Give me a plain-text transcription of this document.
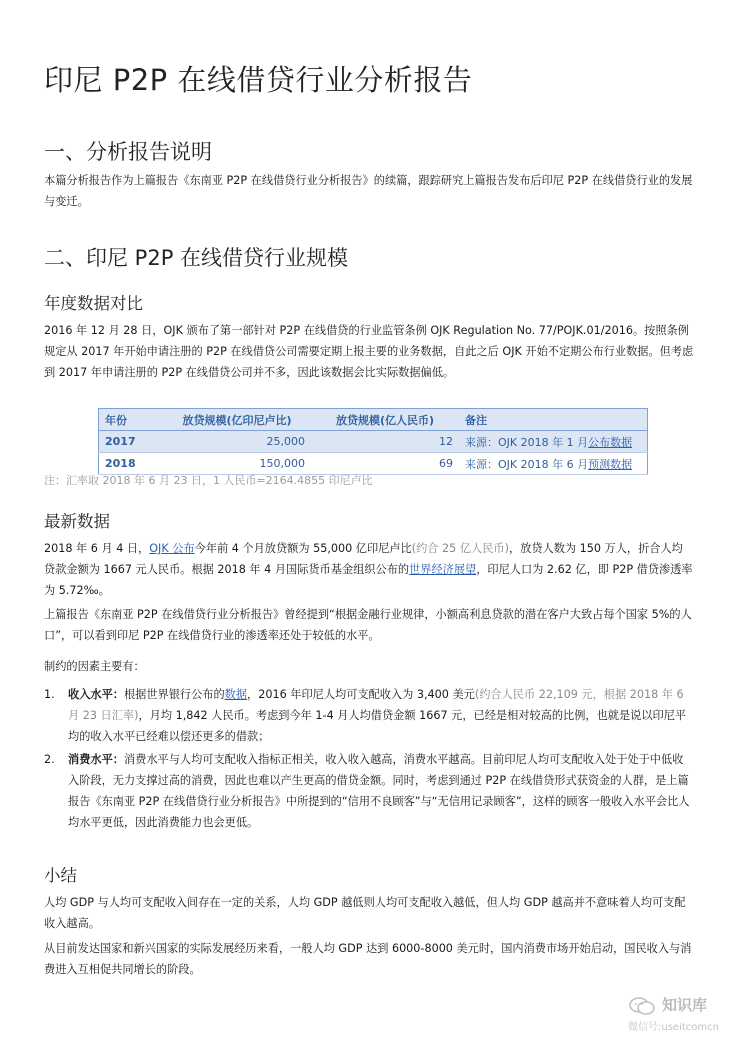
印尼 P2P 在线借贷行业分析报告
一、分析报告说明

本篇分析报告作为上篇报告《东南亚 P2P 在线借贷行业分析报告》的续篇，跟踪研究上篇报告发布后印尼 P2P 在线借贷行业的发展与变迁。

二、印尼 P2P 在线借贷行业规模
年度数据对比

2016 年 12 月 28 日，OJK 颁布了第一部针对 P2P 在线借贷的行业监管条例 OJK Regulation No. 77/POJK.01/2016。按照条例规定从 2017 年开始申请注册的 P2P 在线借贷公司需要定期上报主要的业务数据，自此之后 OJK 开始不定期公布行业数据。但考虑到 2017 年申请注册的 P2P 在线借贷公司并不多，因此该数据会比实际数据偏低。

年份	放贷规模(亿印尼卢比)	放贷规模(亿人民币)	备注
2017	25,000	12	来源：OJK 2018 年 1 月公布数据
2018	150,000	69	来源：OJK 2018 年 6 月预测数据
注：汇率取 2018 年 6 月 23 日，1 人民币=2164.4855 印尼卢比
最新数据

2018 年 6 月 4 日，OJK 公布今年前 4 个月放贷额为 55,000 亿印尼卢比(约合 25 亿人民币)，放贷人数为 150 万人，折合人均贷款金额为 1667 元人民币。根据 2018 年 4 月国际货币基金组织公布的世界经济展望，印尼人口为 2.62 亿，即 P2P 借贷渗透率为 5.72‰。

上篇报告《东南亚 P2P 在线借贷行业分析报告》曾经提到“根据金融行业规律，小额高利息贷款的潜在客户大致占每个国家 5%的人口”，可以看到印尼 P2P 在线借贷行业的渗透率还处于较低的水平。

制约的因素主要有：
1. 收入水平：根据世界银行公布的数据，2016 年印尼人均可支配收入为 3,400 美元(约合人民币 22,109 元，根据 2018 年 6 月 23 日汇率)，月均 1,842 人民币。考虑到今年 1-4 月人均借贷金额 1667 元，已经是相对较高的比例，也就是说以印尼平均的收入水平已经难以偿还更多的借款；
2. 消费水平：消费水平与人均可支配收入指标正相关，收入收入越高，消费水平越高。目前印尼人均可支配收入处于处于中低收入阶段，无力支撑过高的消费，因此也难以产生更高的借贷金额。同时，考虑到通过 P2P 在线借贷形式获资金的人群，是上篇报告《东南亚 P2P 在线借贷行业分析报告》中所提到的“信用不良顾客”与“无信用记录顾客”，这样的顾客一般收入水平会比人均水平更低，因此消费能力也会更低。
小结

人均 GDP 与人均可支配收入间存在一定的关系，人均 GDP 越低则人均可支配收入越低，但人均 GDP 越高并不意味着人均可支配收入越高。

从目前发达国家和新兴国家的实际发展经历来看，一般人均 GDP 达到 6000-8000 美元时，国内消费市场开始启动，国民收入与消费进入互相促共同增长的阶段。

知识库
微信号:useitcomcn
